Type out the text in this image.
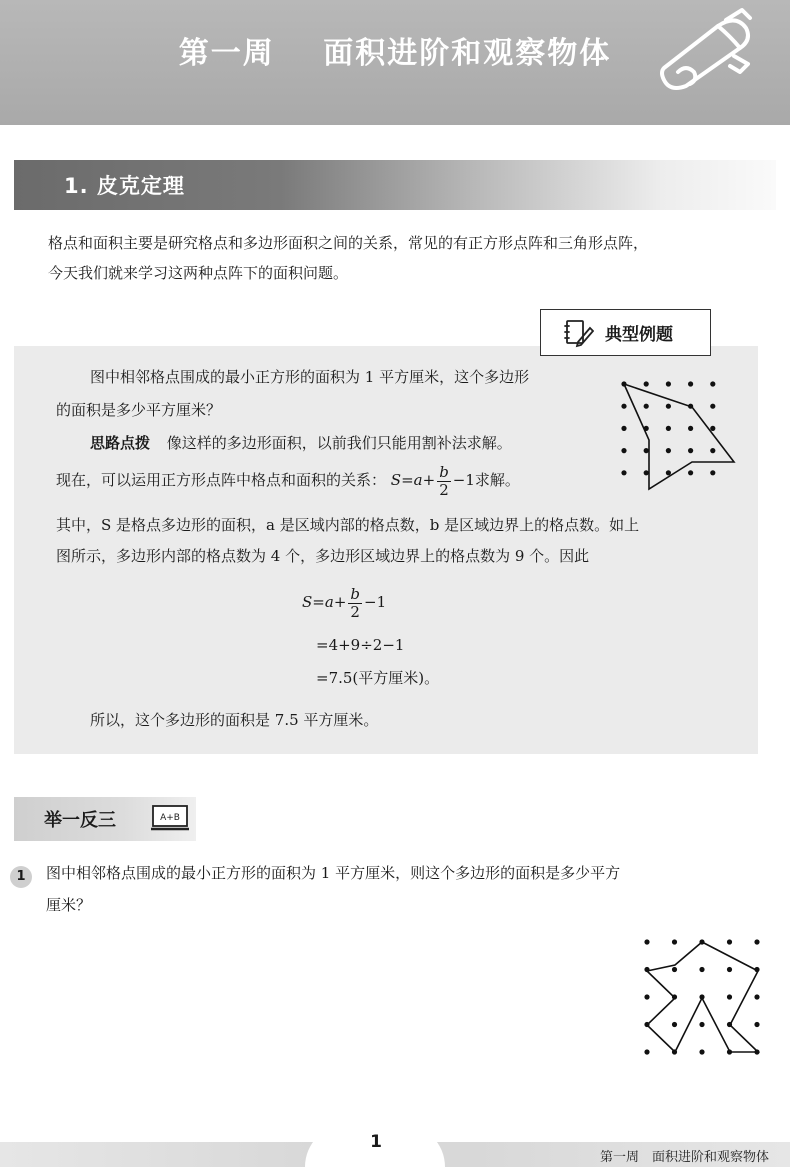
第一周 面积进阶和观察物体
1. 皮克定理
格点和面积主要是研究格点和多边形面积之间的关系，常见的有正方形点阵和三角形点阵，
今天我们就来学习这两种点阵下的面积问题。
典型例题
图中相邻格点围成的最小正方形的面积为 1 平方厘米，这个多边形
的面积是多少平方厘米？
思路点拨 像这样的多边形面积，以前我们只能用割补法求解。
现在，可以运用正方形点阵中格点和面积的关系： $S=a+ \frac{b}{2} -1$求解。
其中，S 是格点多边形的面积，a 是区域内部的格点数，b 是区域边界上的格点数。如上
图所示，多边形内部的格点数为 4 个，多边形区域边界上的格点数为 9 个。因此
$S=a+ \frac{b}{2} -1$
=4+9÷2−1
=7.5(平方厘米)。
所以，这个多边形的面积是 7.5 平方厘米。
举一反三	A+B
1	图中相邻格点围成的最小正方形的面积为 1 平方厘米，则这个多边形的面积是多少平方
厘米？
1
第一周　面积进阶和观察物体
